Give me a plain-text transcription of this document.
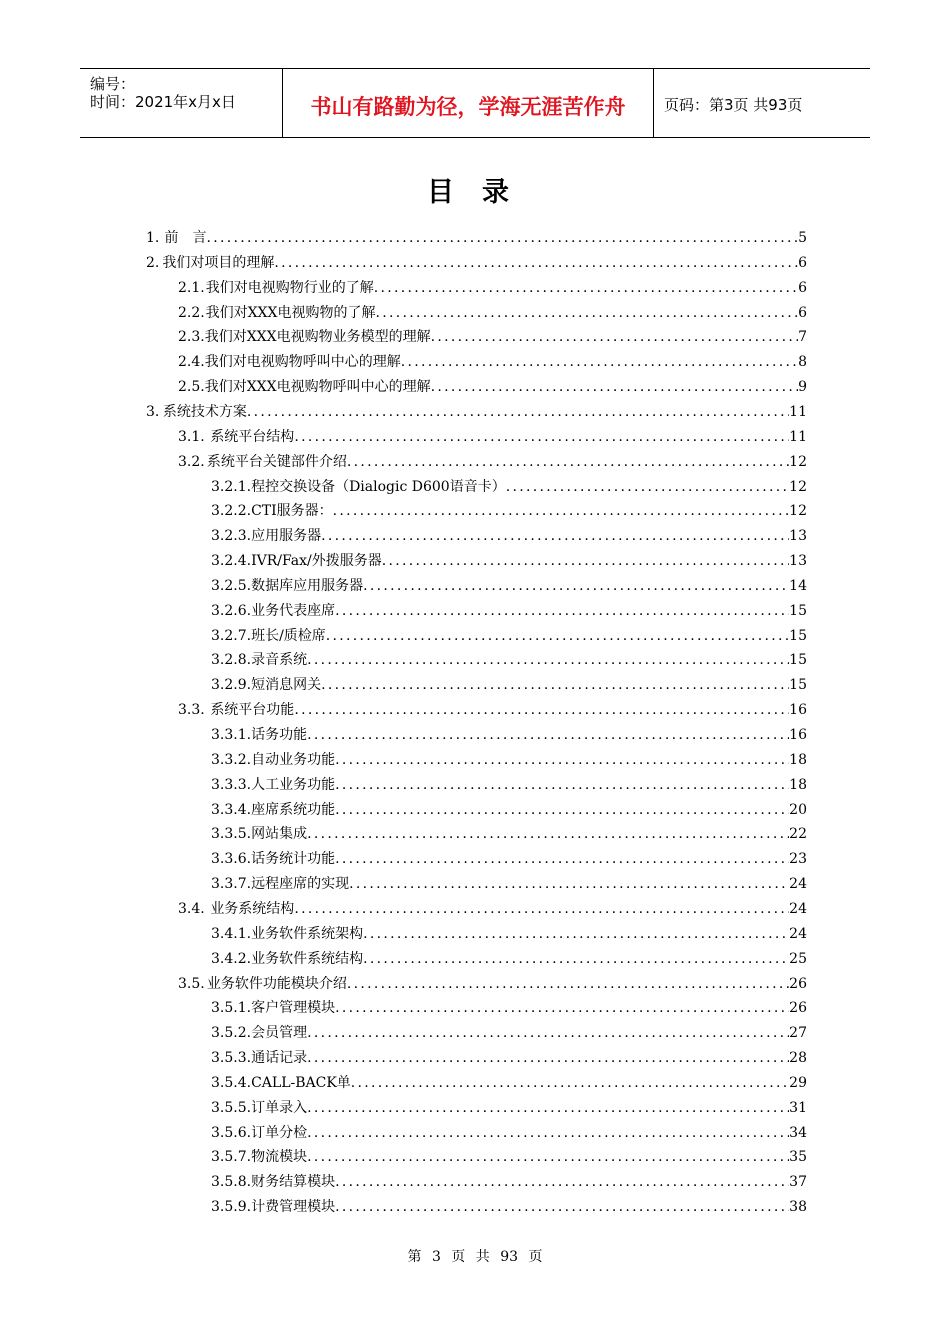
编号：
时间：2021年x月x日	书山有路勤为径，学海无涯苦作舟	页码：第3页 共93页
目录
1. 前　言 .....	5
2. 我们对项目的理解 .....	6
2.1. 我们对电视购物行业的了解 .....	6
2.2. 我们对XXX电视购物的了解 .....	6
2.3. 我们对XXX电视购物业务模型的理解 .....	7
2.4. 我们对电视购物呼叫中心的理解 .....	8
2.5. 我们对XXX电视购物呼叫中心的理解 .....	9
3. 系统技术方案 .....	11
3.1. 系统平台结构 .....	11
3.2. 系统平台关键部件介绍 .....	12
3.2.1. 程控交换设备（Dialogic D600语音卡） .....	12
3.2.2. CTI服务器： .....	12
3.2.3. 应用服务器 .....	13
3.2.4. IVR/Fax/外拨服务器 .....	13
3.2.5. 数据库应用服务器 .....	14
3.2.6. 业务代表座席 .....	15
3.2.7. 班长/质检席 .....	15
3.2.8. 录音系统 .....	15
3.2.9. 短消息网关 .....	15
3.3. 系统平台功能 .....	16
3.3.1. 话务功能 .....	16
3.3.2. 自动业务功能 .....	18
3.3.3. 人工业务功能 .....	18
3.3.4. 座席系统功能 .....	20
3.3.5. 网站集成 .....	22
3.3.6. 话务统计功能 .....	23
3.3.7. 远程座席的实现 .....	24
3.4. 业务系统结构 .....	24
3.4.1. 业务软件系统架构 .....	24
3.4.2. 业务软件系统结构 .....	25
3.5. 业务软件功能模块介绍 .....	26
3.5.1. 客户管理模块 .....	26
3.5.2. 会员管理 .....	27
3.5.3. 通话记录 .....	28
3.5.4. CALL-BACK单 .....	29
3.5.5. 订单录入 .....	31
3.5.6. 订单分检 .....	34
3.5.7. 物流模块 .....	35
3.5.8. 财务结算模块 .....	37
3.5.9. 计费管理模块 .....	38
第 3 页 共 93 页
